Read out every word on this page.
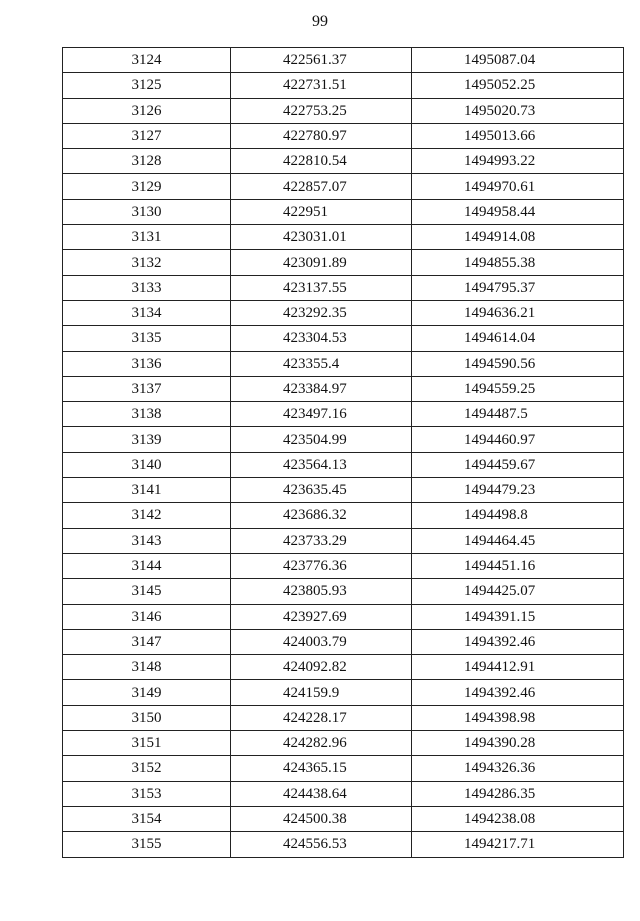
99
3124	422561.37	1495087.04
3125	422731.51	1495052.25
3126	422753.25	1495020.73
3127	422780.97	1495013.66
3128	422810.54	1494993.22
3129	422857.07	1494970.61
3130	422951	1494958.44
3131	423031.01	1494914.08
3132	423091.89	1494855.38
3133	423137.55	1494795.37
3134	423292.35	1494636.21
3135	423304.53	1494614.04
3136	423355.4	1494590.56
3137	423384.97	1494559.25
3138	423497.16	1494487.5
3139	423504.99	1494460.97
3140	423564.13	1494459.67
3141	423635.45	1494479.23
3142	423686.32	1494498.8
3143	423733.29	1494464.45
3144	423776.36	1494451.16
3145	423805.93	1494425.07
3146	423927.69	1494391.15
3147	424003.79	1494392.46
3148	424092.82	1494412.91
3149	424159.9	1494392.46
3150	424228.17	1494398.98
3151	424282.96	1494390.28
3152	424365.15	1494326.36
3153	424438.64	1494286.35
3154	424500.38	1494238.08
3155	424556.53	1494217.71
